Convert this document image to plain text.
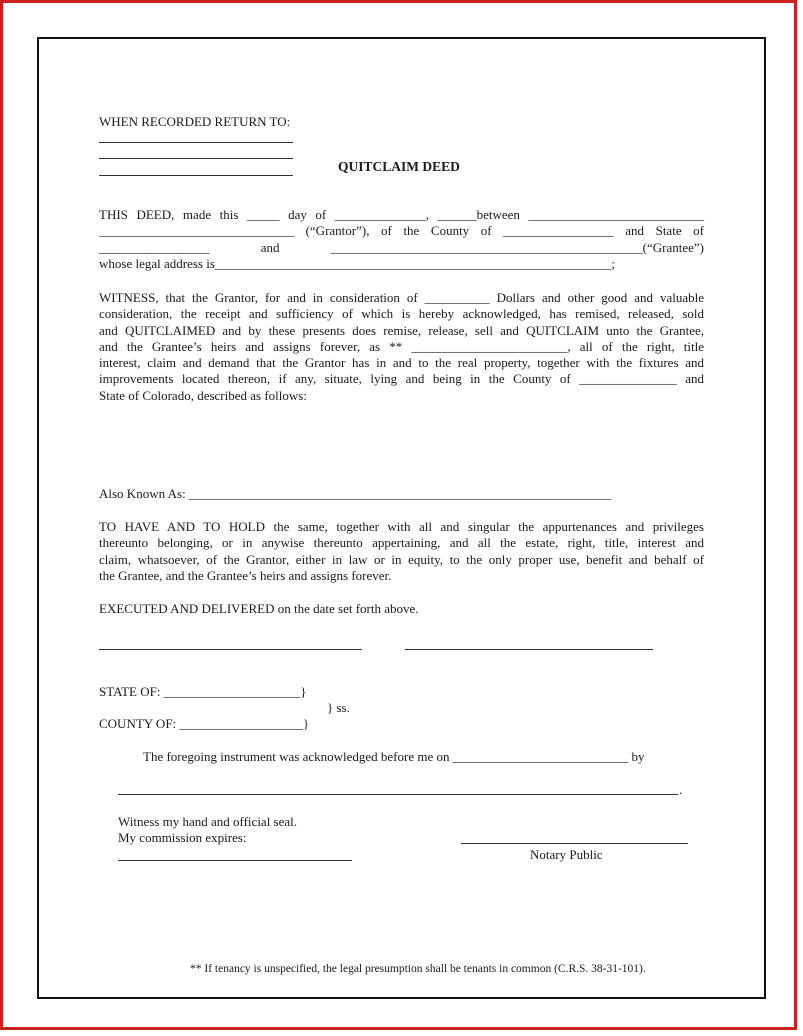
WHEN RECORDED RETURN TO:
QUITCLAIM DEED
THIS DEED, made this _____ day of ______________, ______between ___________________________
______________________________ (“Grantor”), of the County of _________________ and State of
_________________ and ________________________________________________(“Grantee”)
whose legal address is_____________________________________________________________;
WITNESS, that the Grantor, for and in consideration of __________ Dollars and other good and valuable
consideration, the receipt and sufficiency of which is hereby acknowledged, has remised, released, sold
and QUITCLAIMED and by these presents does remise, release, sell and QUITCLAIM unto the Grantee,
and the Grantee’s heirs and assigns forever, as ** ________________________, all of the right, title
interest, claim and demand that the Grantor has in and to the real property, together with the fixtures and
improvements located thereon, if any, situate, lying and being in the County of _______________ and
State of Colorado, described as follows:
Also Known As: _________________________________________________________________
TO HAVE AND TO HOLD the same, together with all and singular the appurtenances and privileges
thereunto belonging, or in anywise thereunto appertaining, and all the estate, right, title, interest and
claim, whatsoever, of the Grantor, either in law or in equity, to the only proper use, benefit and behalf of
the Grantee, and the Grantee’s heirs and assigns forever.
EXECUTED AND DELIVERED on the date set forth above.
STATE OF: _____________________}
} ss.
COUNTY OF: ___________________}
The foregoing instrument was acknowledged before me on ___________________________ by
.
Witness my hand and official seal.
My commission expires:
Notary Public
** If tenancy is unspecified, the legal presumption shall be tenants in common (C.R.S. 38-31-101).
